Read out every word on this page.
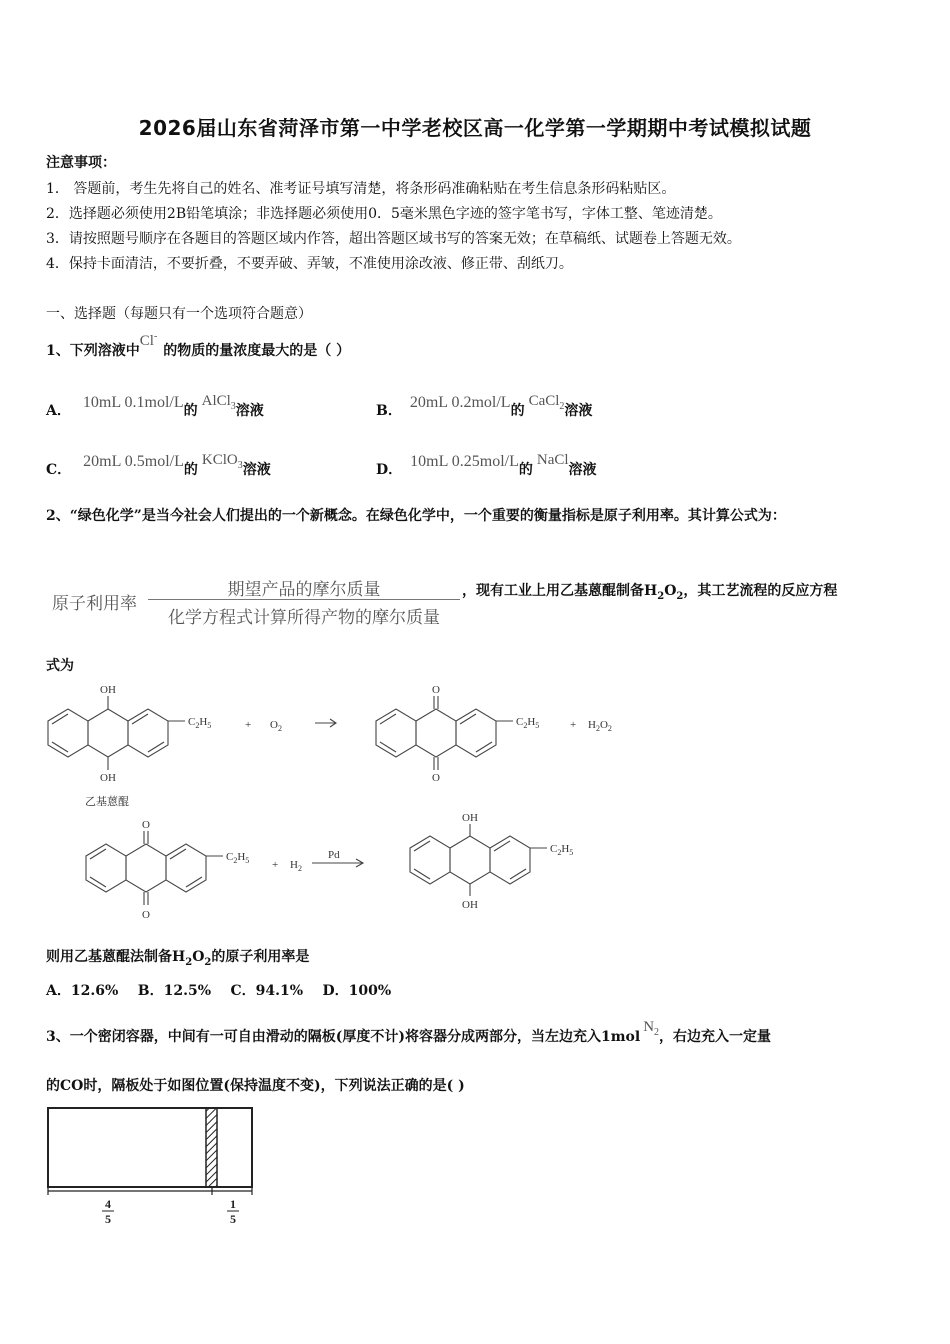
2026届山东省菏泽市第一中学老校区高一化学第一学期期中考试模拟试题
注意事项：
1． 答题前，考生先将自己的姓名、准考证号填写清楚，将条形码准确粘贴在考生信息条形码粘贴区。
2．选择题必须使用2B铅笔填涂；非选择题必须使用0．5毫米黑色字迹的签字笔书写，字体工整、笔迹清楚。
3．请按照题号顺序在各题目的答题区域内作答，超出答题区域书写的答案无效；在草稿纸、试题卷上答题无效。
4．保持卡面清洁，不要折叠，不要弄破、弄皱，不准使用涂改液、修正带、刮纸刀。
一、选择题（每题只有一个选项符合题意）
1、下列溶液中Cl-的物质的量浓度最大的是（ ）
A． 10mL 0.1mol/L的AlCl$_3$溶液	B． 20mL 0.2mol/L的CaCl$_2$溶液
C． 20mL 0.5mol/L的KClO$_3$溶液	D． 10mL 0.25mol/L的NaCl溶液
2、“绿色化学”是当今社会人们提出的一个新概念。在绿色化学中，一个重要的衡量指标是原子利用率。其计算公式为：
原子利用率
期望产品的摩尔质量
化学方程式计算所得产物的摩尔质量
，现有工业上用乙基蒽醌制备$H_2O_2$，其工艺流程的反应方程
式为
OH
OH
$C_2H_5$
乙基蒽醌
+ $O_2$
O
O
$C_2H_5$	+ $H_2O_2$
O
O
$C_2H_5 + H_2$
Pd
OH
OH
$C_2H_5$
则用乙基蒽醌法制备$H_2O_2$的原子利用率是
A．12.6%    B．12.5%    C．94.1%    D．100%
3、一个密闭容器，中间有一可自由滑动的隔板(厚度不计)将容器分成两部分，当左边充入1molN$_2$，右边充入一定量
的CO时，隔板处于如图位置(保持温度不变)，下列说法正确的是( )
4
5
1
5
